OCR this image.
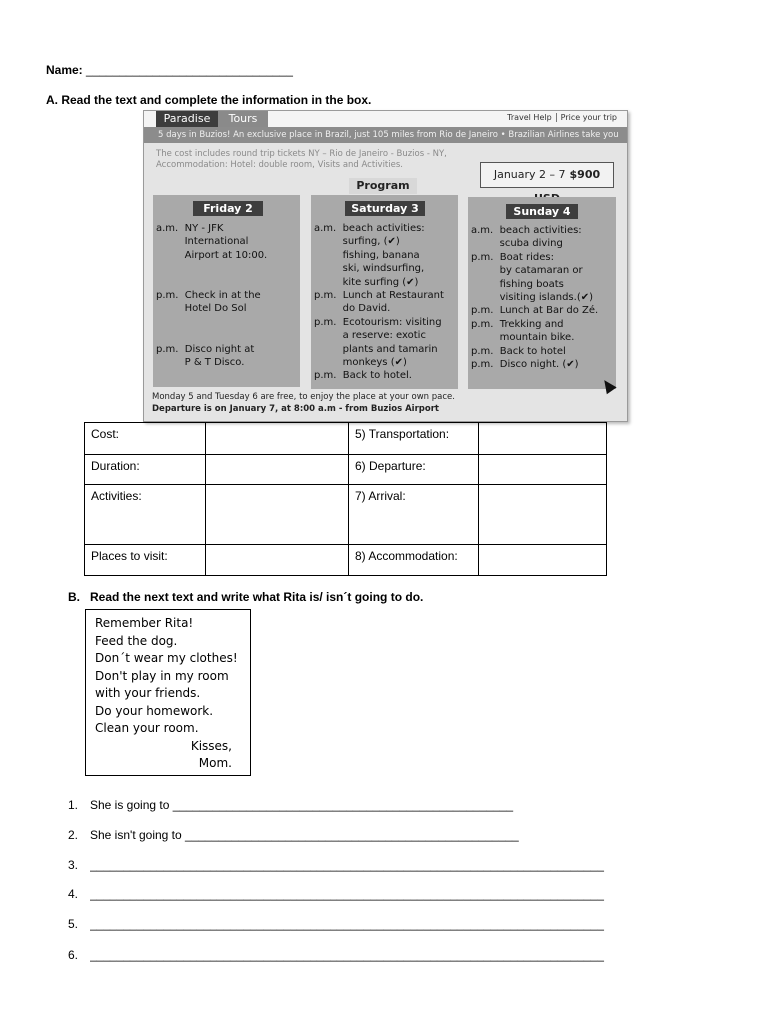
Name: _______________________________
A. Read the text and complete the information in the box.
Paradise	Tours	Travel Help Price your trip
5 days in Buzios! An exclusive place in Brazil, just 105 miles from Rio de Janeiro • Brazilian Airlines take you
The cost includes round trip tickets NY – Rio de Janeiro - Buzios - NY,
Accommodation: Hotel: double room, Visits and Activities.
January 2 – 7 $900
Program
Friday 2
a.m.  NY - JFK
International
Airport at 10:00.

p.m.  Check in at the
Hotel Do Sol

p.m.  Disco night at
P & T Disco.
Saturday 3
a.m.  beach activities:
surfing, (✔)
fishing, banana
ski, windsurfing,
kite surfing (✔)
p.m.  Lunch at Restaurant
do David.
p.m.  Ecotourism: visiting
a reserve: exotic
plants and tamarin
monkeys (✔)
p.m.  Back to hotel.
Sunday 4
a.m.  beach activities:
scuba diving
p.m.  Boat rides:
by catamaran or
fishing boats
visiting islands.(✔)
p.m.  Lunch at Bar do Zé.
p.m.  Trekking and
mountain bike.
p.m.  Back to hotel
p.m.  Disco night. (✔)
Monday 5 and Tuesday 6 are free, to enjoy the place at your own pace.
Departure is on January 7, at 8:00 a.m - from Buzios Airport
Cost:		5) Transportation:	
Duration:		6) Departure:	
Activities:		7) Arrival:	
Places to visit:		8) Accommodation:	
B. Read the next text and write what Rita is/ isn´t going to do.
Remember Rita!
Feed the dog.
Don´t wear my clothes!
Don't play in my room
with your friends.
Do your homework.
Clean your room.
Kisses,
Mom.
1. She is going to ___________________________________________________
2. She isn't going to __________________________________________________
3. _____________________________________________________________________________
4. _____________________________________________________________________________
5. _____________________________________________________________________________
6. _____________________________________________________________________________
